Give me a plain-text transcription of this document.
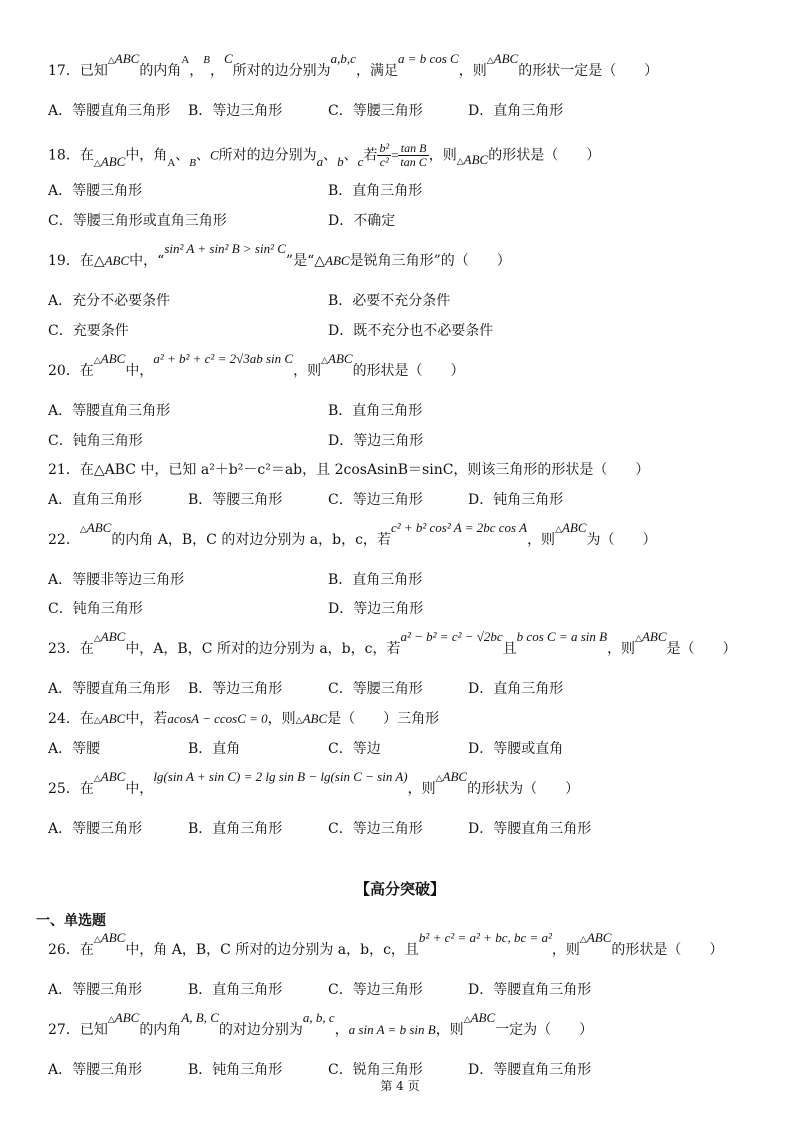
17．已知△ABC的内角$^A$，$^B$，C所对的边分别为a,b,c，满足a = b cos C，则△ABC的形状一定是（　　）
A．等腰直角三角形 B．等边三角形	C．等腰三角形	D．直角三角形
18．在△ABC中，角$_A$、$_B$、C所对的边分别为a、b、c若 $\frac{\text{b²}}{\text{c²}} = \frac{\text{tan B}}{\text{tan C}}$ ，则△ABC的形状是（　　）
A．等腰三角形	B．直角三角形
C．等腰三角形或直角三角形	D．不确定
19．在△ABC中，“sin² A + sin² B > sin² C”是“△ABC是锐角三角形”的（　　）
A．充分不必要条件	B．必要不充分条件
C．充要条件	D．既不充分也不必要条件
20．在△ABC中，a² + b² + c² = 2√3ab sin C，则△ABC的形状是（　　）
A．等腰直角三角形	B．直角三角形
C．钝角三角形	D．等边三角形
21．在△ABC 中，已知 a²＋b²－c²＝ab，且 2cosAsinB＝sinC，则该三角形的形状是（　　）
A．直角三角形	B．等腰三角形	C．等边三角形	D．钝角三角形
22．△ABC的内角 A，B，C 的对边分别为 a，b，c，若c² + b² cos² A = 2bc cos A，则△ABC为（　　）
A．等腰非等边三角形	B．直角三角形
C．钝角三角形	D．等边三角形
23．在△ABC中，A，B，C 所对的边分别为 a，b，c，若a² − b² = c² − √2bc且b cos C = a sin B，则△ABC是（　　）
A．等腰直角三角形 B．等边三角形	C．等腰三角形	D．直角三角形
24．在△ABC中，若acosA − ccosC = 0，则△ABC是（　　）三角形
A．等腰	B．直角	C．等边	D．等腰或直角
25．在△ABC中，lg(sin A + sin C) = 2 lg sin B − lg(sin C − sin A)，则△ABC的形状为（　　）
A．等腰三角形	B．直角三角形	C．等边三角形	D．等腰直角三角形
【高分突破】
一、单选题
26．在△ABC中，角 A，B，C 所对的边分别为 a，b，c，且b² + c² = a² + bc, bc = a²，则△ABC的形状是（　　）
A．等腰三角形	B．直角三角形	C．等边三角形	D．等腰直角三角形
27．已知△ABC的内角A, B, C的对边分别为a, b, c，a sin A = b sin B，则△ABC一定为（　　）
A．等腰三角形	B．钝角三角形	C．锐角三角形	D．等腰直角三角形
第 4 页
